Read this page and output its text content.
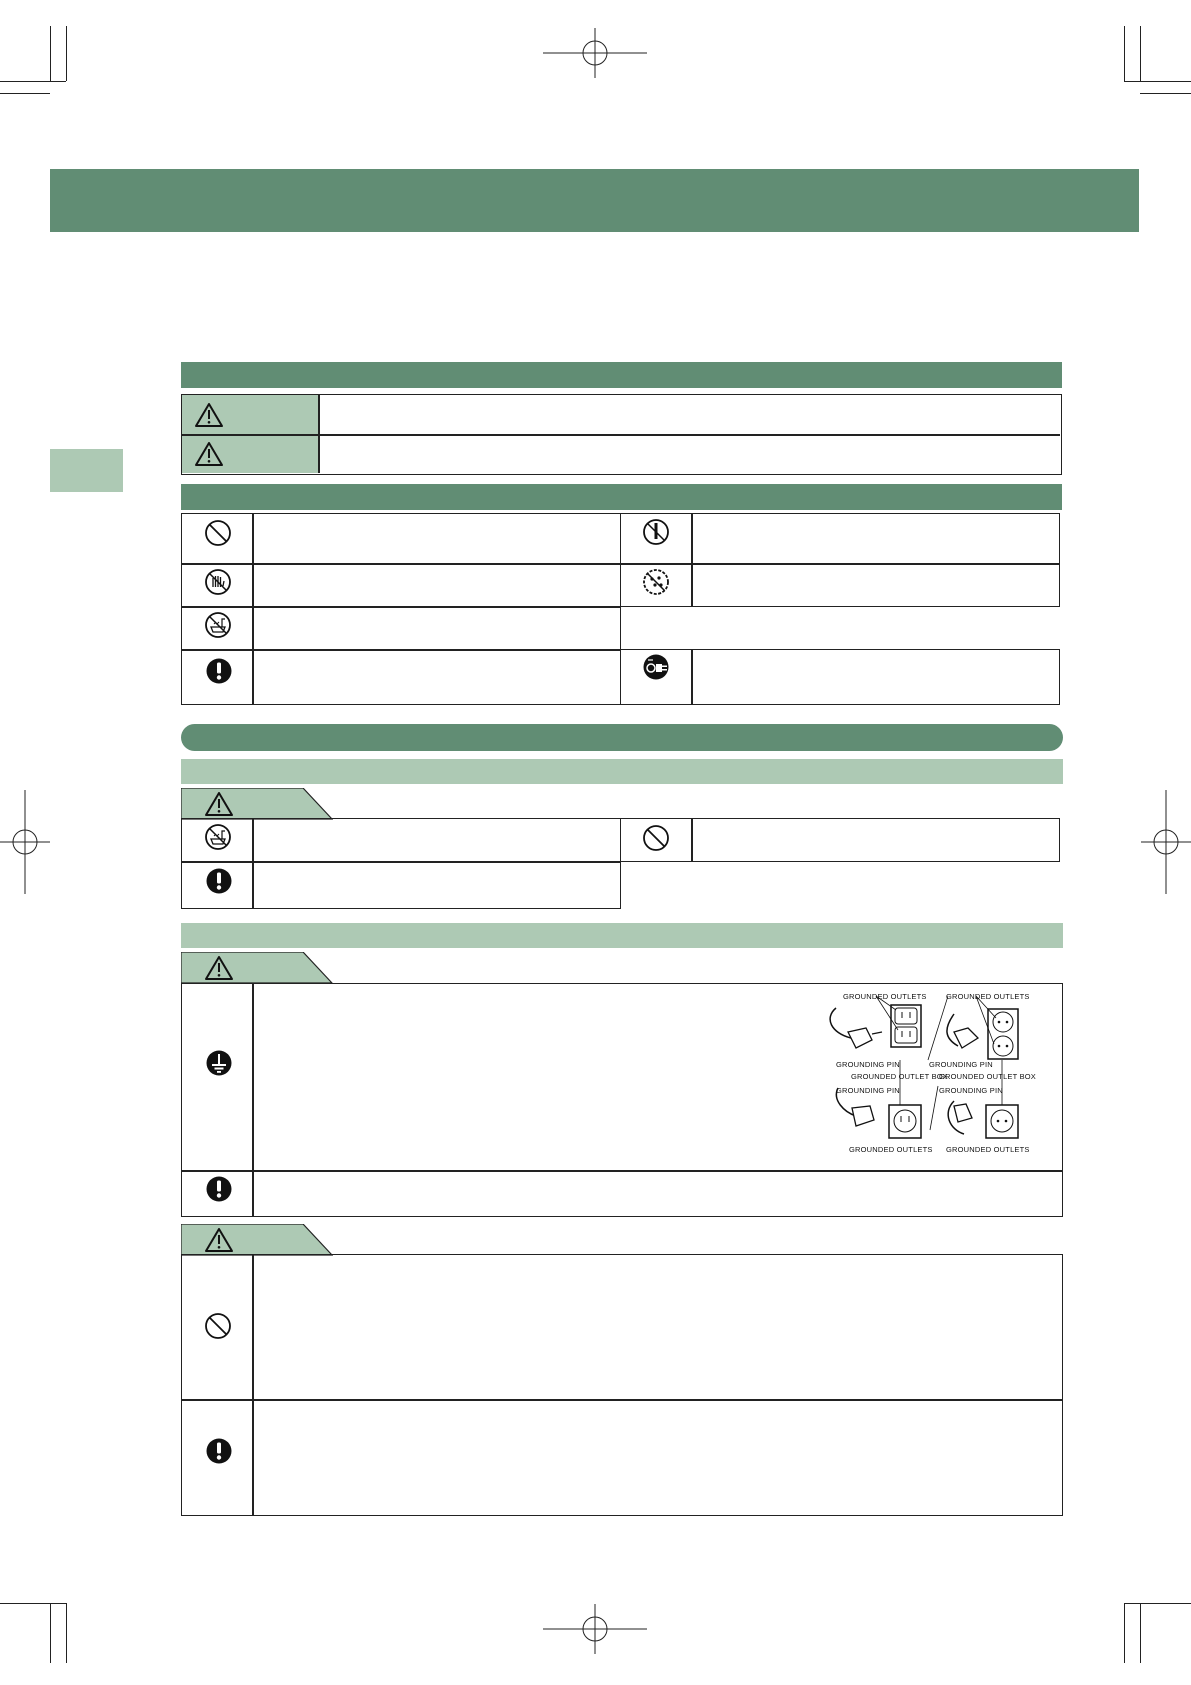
GROUNDED OUTLETS	GROUNDED OUTLETS
GROUNDING PIN
GROUNDED OUTLET BOX
GROUNDING PIN
GROUNDING PIN
GROUNDED OUTLET BOX
GROUNDING PIN
GROUNDED OUTLETS GROUNDED OUTLETS
